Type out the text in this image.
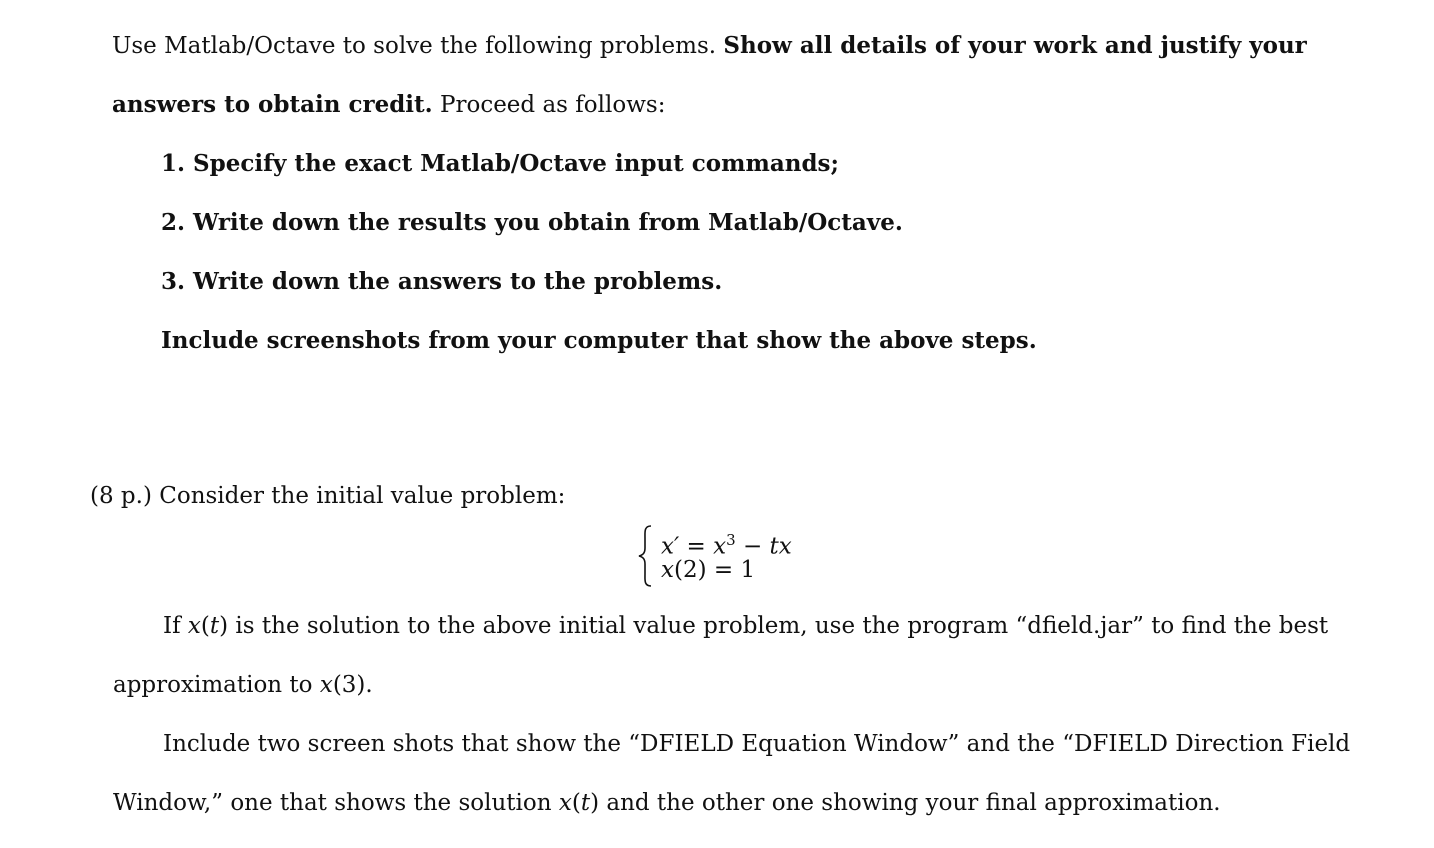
Use Matlab/Octave to solve the following problems. Show all details of your work and justify your
answers to obtain credit. Proceed as follows:
1. Specify the exact Matlab/Octave input commands;
2. Write down the results you obtain from Matlab/Octave.
3. Write down the answers to the problems.
Include screenshots from your computer that show the above steps.
(8 p.) Consider the initial value problem:
$x' = x^3$ − tx
x(2) = 1
If x(t) is the solution to the above initial value problem, use the program “dfield.jar” to find the best
approximation to x(3).
Include two screen shots that show the “DFIELD Equation Window” and the “DFIELD Direction Field
Window,” one that shows the solution x(t) and the other one showing your final approximation.
